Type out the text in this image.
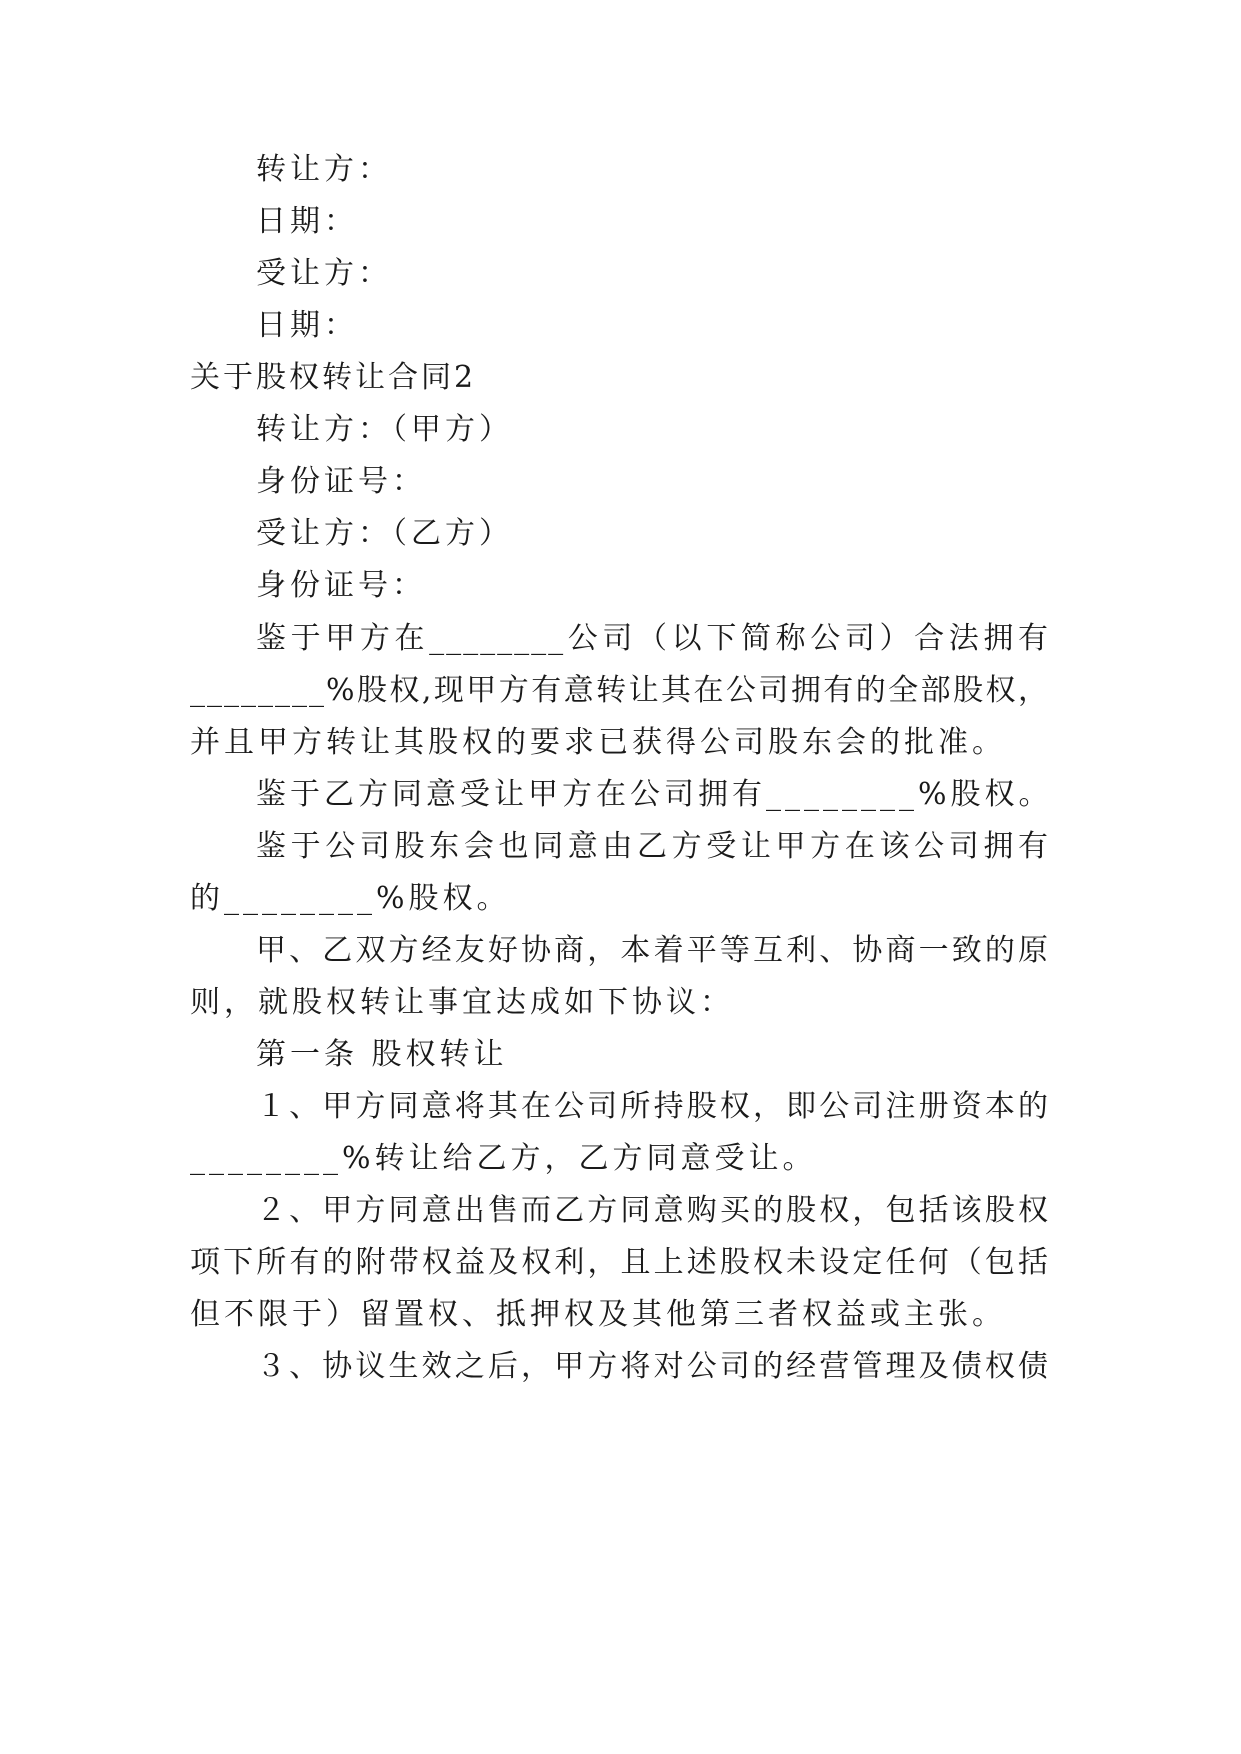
转让方：
日期：
受让方：
日期：
关于股权转让合同2
转让方：（甲方）
身份证号：
受让方：（乙方）
身份证号：
鉴于甲方在________公司（以下简称公司）合法拥有
________%股权,现甲方有意转让其在公司拥有的全部股权，
并且甲方转让其股权的要求已获得公司股东会的批准。
鉴于乙方同意受让甲方在公司拥有________%股权。
鉴于公司股东会也同意由乙方受让甲方在该公司拥有
的________%股权。
甲、乙双方经友好协商，本着平等互利、协商一致的原
则，就股权转让事宜达成如下协议：
第一条 股权转让
１、甲方同意将其在公司所持股权，即公司注册资本的
________%转让给乙方，乙方同意受让。
２、甲方同意出售而乙方同意购买的股权，包括该股权
项下所有的附带权益及权利，且上述股权未设定任何（包括
但不限于）留置权、抵押权及其他第三者权益或主张。
３、协议生效之后，甲方将对公司的经营管理及债权债
